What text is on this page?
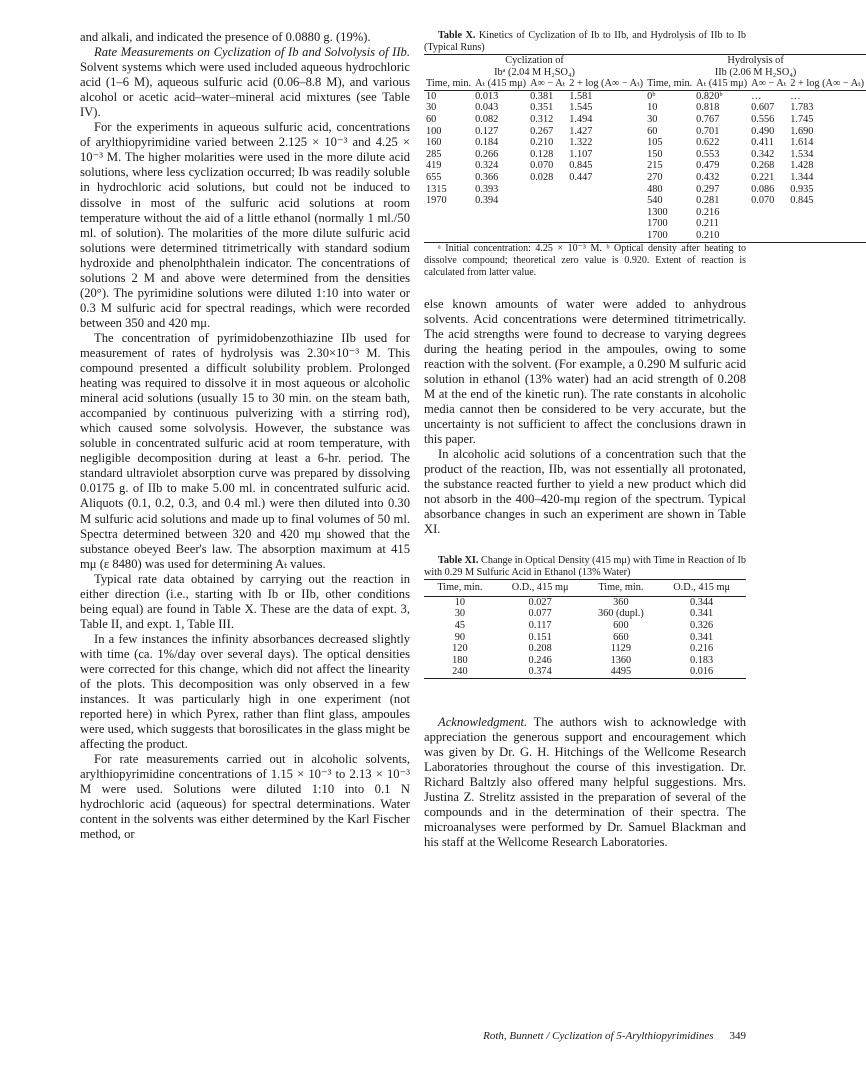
and alkali, and indicated the presence of 0.0880 g. (19%).

Rate Measurements on Cyclization of Ib and Solvolysis of IIb. Solvent systems which were used included aqueous hydrochloric acid (1–6 M), aqueous sulfuric acid (0.06–8.8 M), and various alcohol or acetic acid–water–mineral acid mixtures (see Table IV).

For the experiments in aqueous sulfuric acid, concentrations of arylthiopyrimidine varied between 2.125 × 10⁻³ and 4.25 × 10⁻³ M. The higher molarities were used in the more dilute acid solutions, where less cyclization occurred; Ib was readily soluble in hydrochloric acid solutions, but could not be induced to dissolve in most of the sulfuric acid solutions at room temperature without the aid of a little ethanol (normally 1 ml./50 ml. of solution). The molarities of the more dilute sulfuric acid solutions were determined titrimetrically with standard sodium hydroxide and phenolphthalein indicator. The concentrations of solutions 2 M and above were determined from the densities (20°). The pyrimidine solutions were diluted 1:10 into water or 0.3 M sulfuric acid for spectral readings, which were recorded between 350 and 420 mμ.

The concentration of pyrimidobenzothiazine IIb used for measurement of rates of hydrolysis was 2.30×10⁻³ M. This compound presented a difficult solubility problem. Prolonged heating was required to dissolve it in most aqueous or alcoholic mineral acid solutions (usually 15 to 30 min. on the steam bath, accompanied by continuous pulverizing with a stirring rod), which caused some solvolysis. However, the substance was soluble in concentrated sulfuric acid at room temperature, with negligible decomposition during at least a 6-hr. period. The standard ultraviolet absorption curve was prepared by dissolving 0.0175 g. of IIb to make 5.00 ml. in concentrated sulfuric acid. Aliquots (0.1, 0.2, 0.3, and 0.4 ml.) were then diluted into 0.30 M sulfuric acid solutions and made up to final volumes of 50 ml. Spectra determined between 320 and 420 mμ showed that the substance obeyed Beer's law. The absorption maximum at 415 mμ (ε 8480) was used for determining Aₜ values.

Typical rate data obtained by carrying out the reaction in either direction (i.e., starting with Ib or IIb, other conditions being equal) are found in Table X. These are the data of expt. 3, Table II, and expt. 1, Table III.

In a few instances the infinity absorbances decreased slightly with time (ca. 1%/day over several days). The optical densities were corrected for this change, which did not affect the linearity of the plots. This decomposition was only observed in a few instances. It was particularly high in one experiment (not reported here) in which Pyrex, rather than flint glass, ampoules were used, which suggests that borosilicates in the glass might be affecting the product.

For rate measurements carried out in alcoholic solvents, arylthiopyrimidine concentrations of 1.15 × 10⁻³ to 2.13 × 10⁻³ M were used. Solutions were diluted 1:10 into 0.1 N hydrochloric acid (aqueous) for spectral determinations. Water content in the solvents was either determined by the Karl Fischer method, or

Table X. Kinetics of Cyclization of Ib to IIb, and Hydrolysis of IIb to Ib (Typical Runs)

Cyclization of
Ibᵃ (2.04 M H₂SO₄)				Hydrolysis of
IIb (2.06 M H₂SO₄)			
Time, min.	Aₜ (415 mμ)	A∞ − Aₜ	2 + log (A∞ − Aₜ)	Time, min.	Aₜ (415 mμ)	A∞ − Aₜ	2 + log (A∞ − Aₜ)
10	0.013	0.381	1.581	0ᵇ	0.820ᵇ	…	…
30	0.043	0.351	1.545	10	0.818	0.607	1.783
60	0.082	0.312	1.494	30	0.767	0.556	1.745
100	0.127	0.267	1.427	60	0.701	0.490	1.690
160	0.184	0.210	1.322	105	0.622	0.411	1.614
285	0.266	0.128	1.107	150	0.553	0.342	1.534
419	0.324	0.070	0.845	215	0.479	0.268	1.428
655	0.366	0.028	0.447	270	0.432	0.221	1.344
1315	0.393			480	0.297	0.086	0.935
1970	0.394			540	0.281	0.070	0.845
				1300	0.216		
				1700	0.211		
				1700	0.210		

ᵃ Initial concentration: 4.25 × 10⁻³ M. ᵇ Optical density after heating to dissolve compound; theoretical zero value is 0.920. Extent of reaction is calculated from latter value.

else known amounts of water were added to anhydrous solvents. Acid concentrations were determined titrimetrically. The acid strengths were found to decrease to varying degrees during the heating period in the ampoules, owing to some reaction with the solvent. (For example, a 0.290 M sulfuric acid solution in ethanol (13% water) had an acid strength of 0.208 M at the end of the kinetic run). The rate constants in alcoholic media cannot then be considered to be very accurate, but the uncertainty is not sufficient to affect the conclusions drawn in this paper.

In alcoholic acid solutions of a concentration such that the product of the reaction, IIb, was not essentially all protonated, the substance reacted further to yield a new product which did not absorb in the 400–420-mμ region of the spectrum. Typical absorbance changes in such an experiment are shown in Table XI.

Table XI. Change in Optical Density (415 mμ) with Time in Reaction of Ib with 0.29 M Sulfuric Acid in Ethanol (13% Water)

Time, min.	O.D., 415 mμ	Time, min.	O.D., 415 mμ
10	0.027	360	0.344
30	0.077	360 (dupl.)	0.341
45	0.117	600	0.326
90	0.151	660	0.341
120	0.208	1129	0.216
180	0.246	1360	0.183
240	0.374	4495	0.016

Acknowledgment. The authors wish to acknowledge with appreciation the generous support and encouragement which was given by Dr. G. H. Hitchings of the Wellcome Research Laboratories throughout the course of this investigation. Dr. Richard Baltzly also offered many helpful suggestions. Mrs. Justina Z. Strelitz assisted in the preparation of several of the compounds and in the determination of their spectra. The microanalyses were performed by Dr. Samuel Blackman and his staff at the Wellcome Research Laboratories.

Roth, Bunnett / Cyclization of 5-Arylthiopyrimidines 349
